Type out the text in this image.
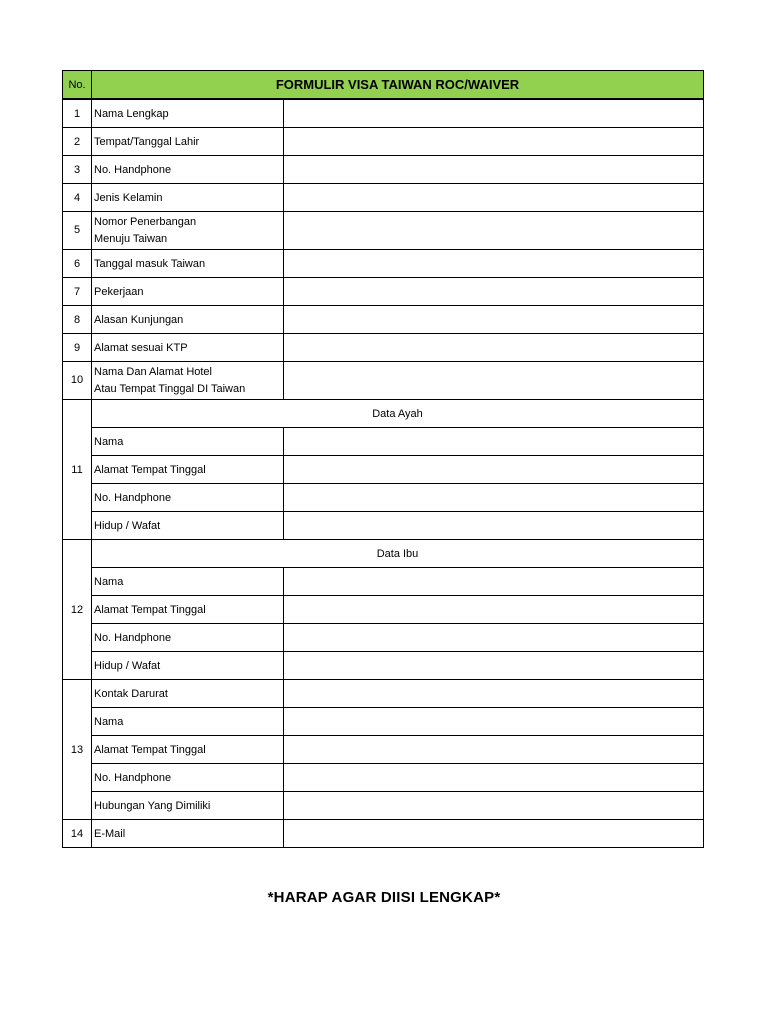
No.	FORMULIR VISA TAIWAN ROC/WAIVER	
1	Nama Lengkap	
2	Tempat/Tanggal Lahir	
3	No. Handphone	
4	Jenis Kelamin	
5	Nomor Penerbangan
Menuju Taiwan	

6	Tanggal masuk Taiwan	
7	Pekerjaan	
8	Alasan Kunjungan	
9	Alamat sesuai KTP	
10	Nama Dan Alamat Hotel
Atau Tempat Tinggal DI Taiwan	

11	Data Ayah	
	Nama	
	Alamat Tempat Tinggal	
	No. Handphone	
	Hidup / Wafat	
12	Data Ibu	
	Nama	
	Alamat Tempat Tinggal	
	No. Handphone	
	Hidup / Wafat	
13	Kontak Darurat	
	Nama	
	Alamat Tempat Tinggal	
	No. Handphone	
	Hubungan Yang Dimiliki	
14	E-Mail	
*HARAP AGAR DIISI LENGKAP*
